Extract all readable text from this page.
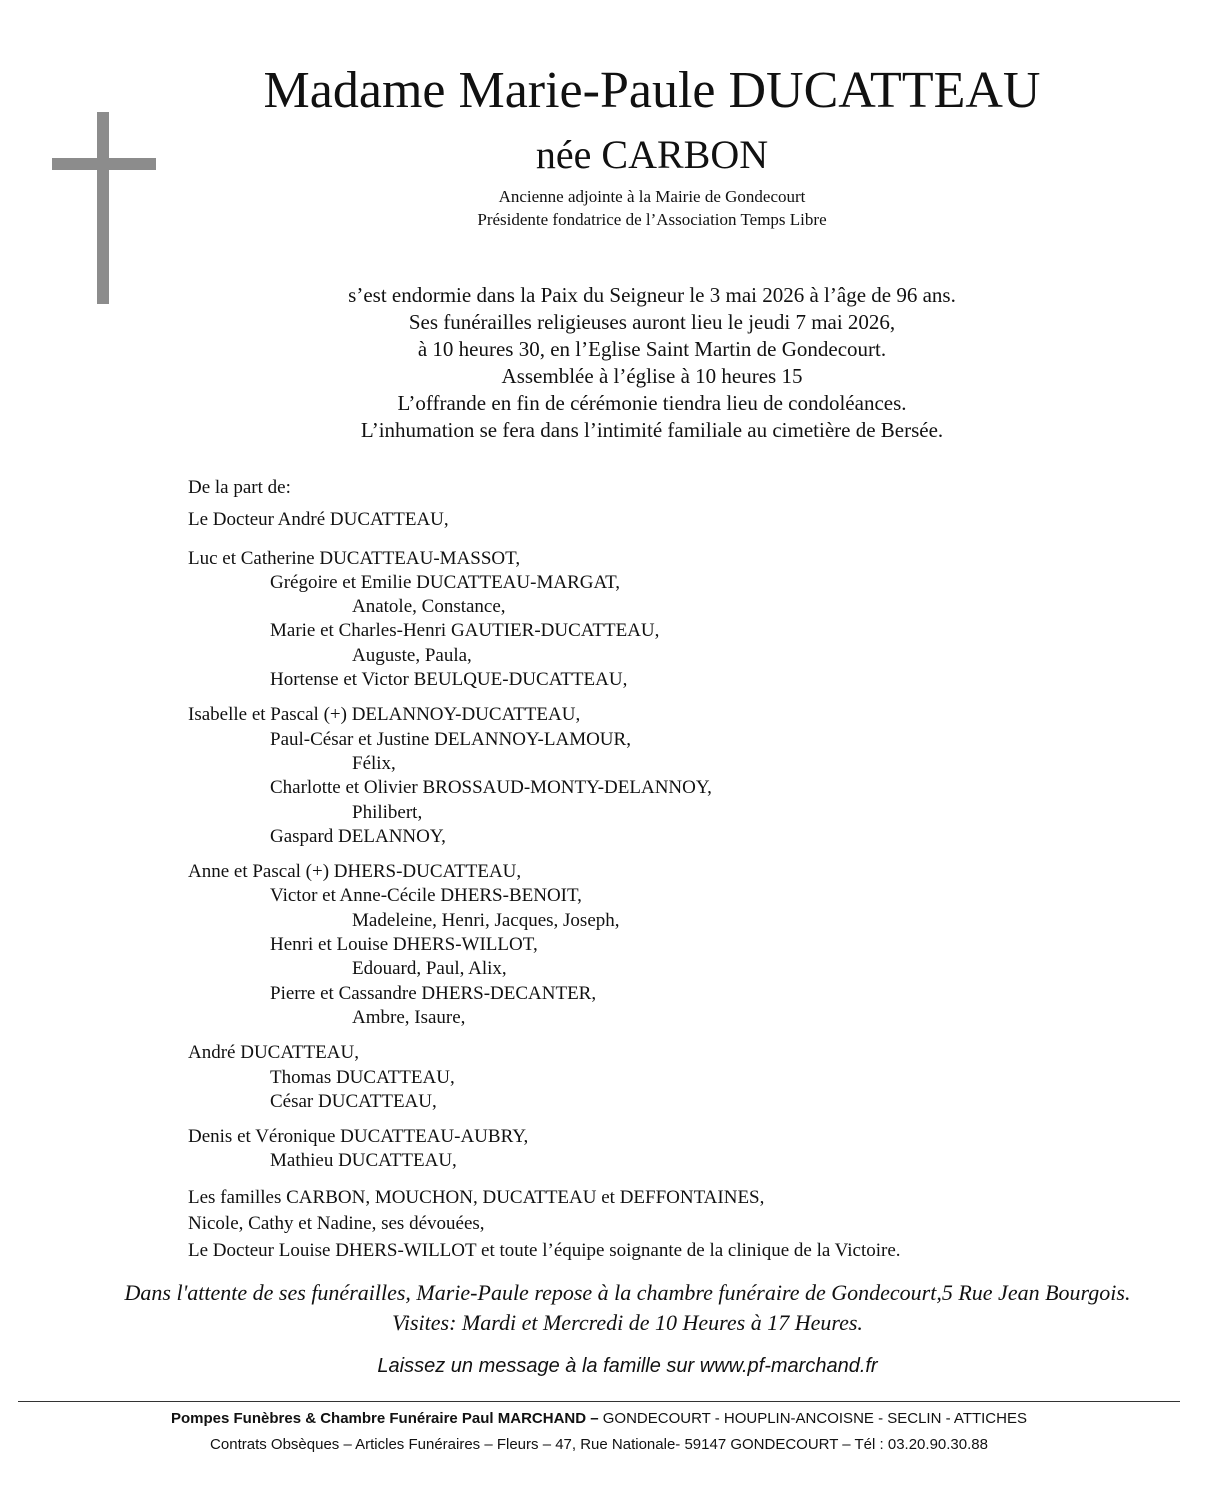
Madame Marie-Paule DUCATTEAU
née CARBON
Ancienne adjointe à la Mairie de Gondecourt
Présidente fondatrice de l’Association Temps Libre
s’est endormie dans la Paix du Seigneur le 3 mai 2026 à l’âge de 96 ans.
Ses funérailles religieuses auront lieu le jeudi 7 mai 2026,
à 10 heures 30, en l’Eglise Saint Martin de Gondecourt.
Assemblée à l’église à 10 heures 15
L’offrande en fin de cérémonie tiendra lieu de condoléances.
L’inhumation se fera dans l’intimité familiale au cimetière de Bersée.
De la part de:
Le Docteur André DUCATTEAU,
Luc et Catherine DUCATTEAU-MASSOT,
Grégoire et Emilie DUCATTEAU-MARGAT,
Anatole, Constance,
Marie et Charles-Henri GAUTIER-DUCATTEAU,
Auguste, Paula,
Hortense et Victor BEULQUE-DUCATTEAU,
Isabelle et Pascal (+) DELANNOY-DUCATTEAU,
Paul-César et Justine DELANNOY-LAMOUR,
Félix,
Charlotte et Olivier BROSSAUD-MONTY-DELANNOY,
Philibert,
Gaspard DELANNOY,
Anne et Pascal (+) DHERS-DUCATTEAU,
Victor et Anne-Cécile DHERS-BENOIT,
Madeleine, Henri, Jacques, Joseph,
Henri et Louise DHERS-WILLOT,
Edouard, Paul, Alix,
Pierre et Cassandre DHERS-DECANTER,
Ambre, Isaure,
André DUCATTEAU,
Thomas DUCATTEAU,
César DUCATTEAU,
Denis et Véronique DUCATTEAU-AUBRY,
Mathieu DUCATTEAU,
Les familles CARBON, MOUCHON, DUCATTEAU et DEFFONTAINES,
Nicole, Cathy et Nadine, ses dévouées,
Le Docteur Louise DHERS-WILLOT et toute l’équipe soignante de la clinique de la Victoire.
Dans l'attente de ses funérailles, Marie-Paule repose à la chambre funéraire de Gondecourt,5 Rue Jean Bourgois.
Visites: Mardi et Mercredi de 10 Heures à 17 Heures.
Laissez un message à la famille sur www.pf-marchand.fr
Pompes Funèbres & Chambre Funéraire Paul MARCHAND – GONDECOURT - HOUPLIN-ANCOISNE - SECLIN - ATTICHES
Contrats Obsèques – Articles Funéraires – Fleurs – 47, Rue Nationale- 59147 GONDECOURT – Tél : 03.20.90.30.88
